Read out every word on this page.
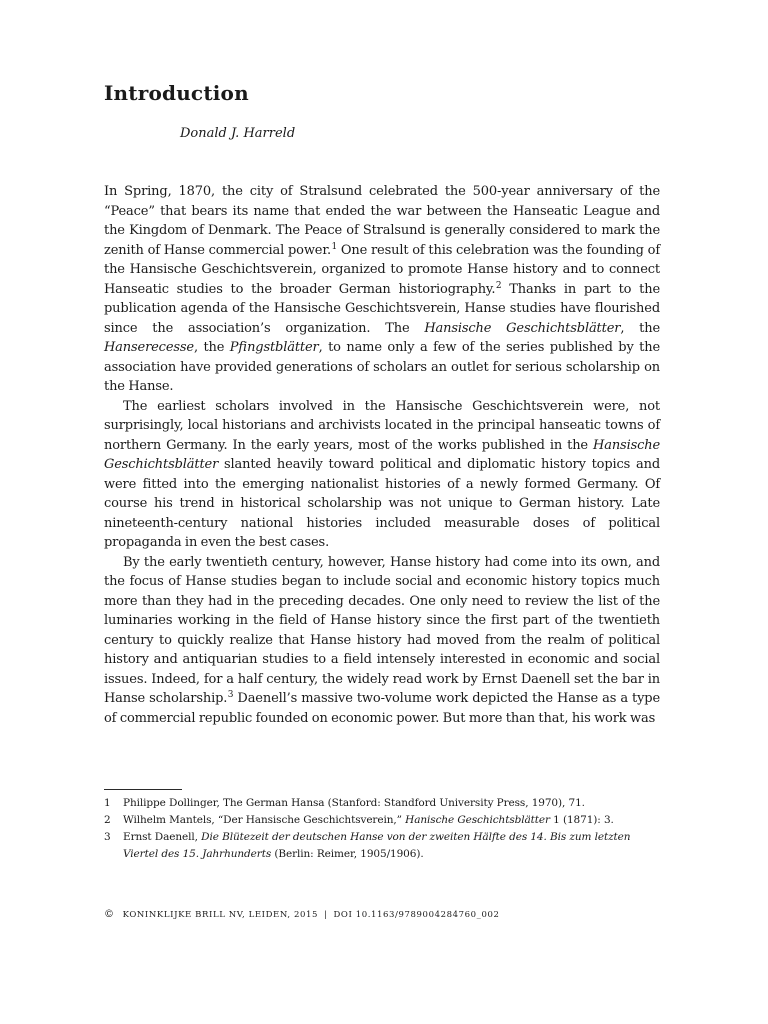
Introduction
Donald J. Harreld

In Spring, 1870, the city of Stralsund celebrated the 500-year anniversary of the “Peace” that bears its name that ended the war between the Hanseatic League and the Kingdom of Denmark. The Peace of Stralsund is generally considered to mark the zenith of Hanse commercial power.$^1$ One result of this celebration was the founding of the Hansische Geschichtsverein, organized to promote Hanse history and to connect Hanseatic studies to the broader German historiography.$^2$ Thanks in part to the publication agenda of the Hansische Geschichtsverein, Hanse studies have flourished since the association’s organization. The Hansische Geschichtsblätter, the Hanserecesse, the Pfingstblätter, to name only a few of the series published by the association have provided generations of scholars an outlet for serious scholarship on the Hanse.

The earliest scholars involved in the Hansische Geschichtsverein were, not surprisingly, local historians and archivists located in the principal hanseatic towns of northern Germany. In the early years, most of the works published in the Hansische Geschichtsblätter slanted heavily toward political and diplomatic history topics and were fitted into the emerging nationalist histories of a newly formed Germany. Of course his trend in historical scholarship was not unique to German history. Late nineteenth-century national histories included measurable doses of political propaganda in even the best cases.

By the early twentieth century, however, Hanse history had come into its own, and the focus of Hanse studies began to include social and economic history topics much more than they had in the preceding decades. One only need to review the list of the luminaries working in the field of Hanse history since the first part of the twentieth century to quickly realize that Hanse history had moved from the realm of political history and antiquarian studies to a field intensely interested in economic and social issues. Indeed, for a half century, the widely read work by Ernst Daenell set the bar in Hanse scholarship.$^3$ Daenell’s massive two-volume work depicted the Hanse as a type of commercial republic founded on economic power. But more than that, his work was

1	Philippe Dollinger, The German Hansa (Stanford: Standford University Press, 1970), 71.
2	Wilhelm Mantels, “Der Hansische Geschichtsverein,” Hanische Geschichtsblätter 1 (1871): 3.
3	Ernst Daenell, Die Blütezeit der deutschen Hanse von der zweiten Hälfte des 14. Bis zum letzten Viertel des 15. Jahrhunderts (Berlin: Reimer, 1905/1906).
© KONINKLIJKE BRILL NV, LEIDEN, 2015 | DOI 10.1163/9789004284760_002
